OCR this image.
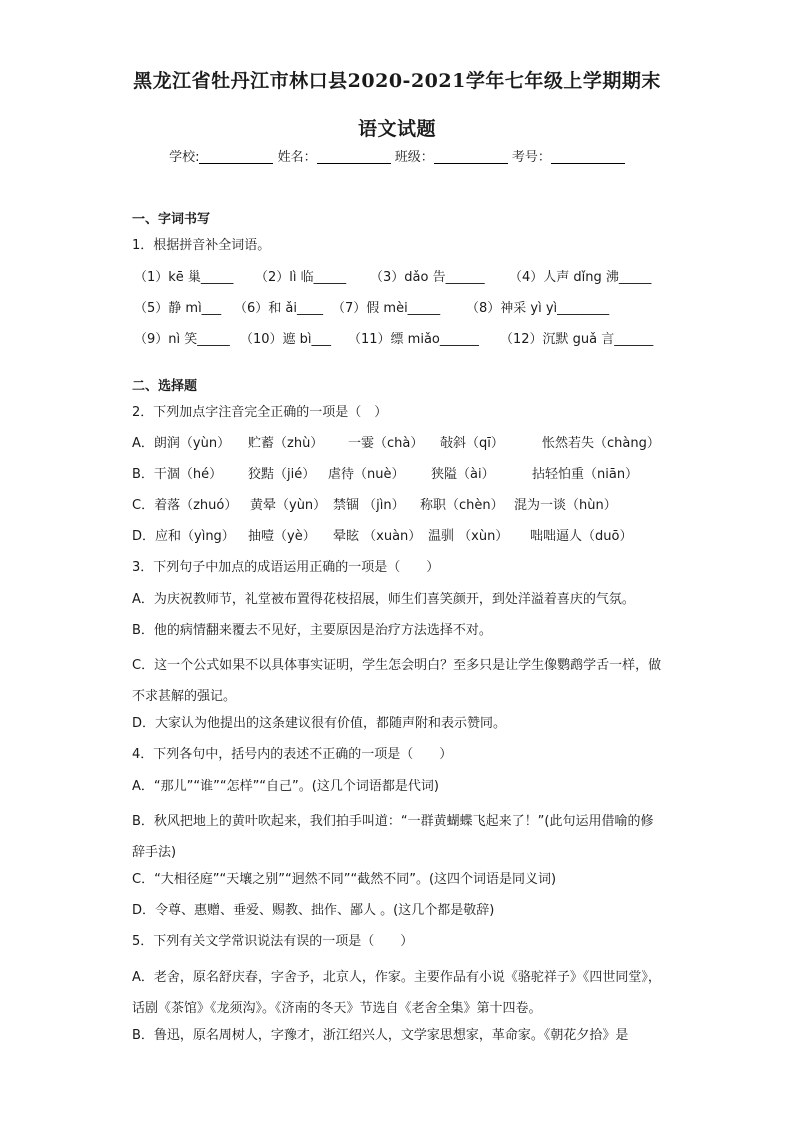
黑龙江省牡丹江市林口县2020-2021学年七年级上学期期末
语文试题
学校:	姓名：	班级：	考号：
一、字词书写
1．根据拼音补全词语。
（1）kē 巢_____ （2）lì 临_____ （3）dǎo 告______ （4）人声 dǐng 沸_____
（5）静 mì___ （6）和 ǎi____ （7）假 mèi_____ （8）神采 yì yì________
（9）nì 笑_____ （10）遮 bì___ （11）缥 miǎo______ （12）沉默 guǎ 言______
二、选择题
2．下列加点字注音完全正确的一项是（　）
A．朗润（yùn） 贮蓄（zhù） 一霎（chà） 敧斜（qī）	怅然若失（chàng）
B．干涸（hé） 狡黠（jié） 虐待（nuè） 狭隘（ài）	拈轻怕重（niān）
C．着落（zhuó） 黄晕（yùn） 禁锢 （jìn） 称职（chèn） 混为一谈（hùn）
D．应和（yìng） 抽噎（yè） 晕眩 （xuàn） 温驯 （xùn） 咄咄逼人（duō）
3．下列句子中加点的成语运用正确的一项是（　　）
A．为庆祝教师节，礼堂被布置得花枝招展，师生们喜笑颜开，到处洋溢着喜庆的气氛。
B．他的病情翻来覆去不见好，主要原因是治疗方法选择不对。
C．这一个公式如果不以具体事实证明，学生怎会明白？至多只是让学生像鹦鹉学舌一样，做不求甚解的强记。
D．大家认为他提出的这条建议很有价值，都随声附和表示赞同。
4．下列各句中，括号内的表述不正确的一项是（　　）
A．“那儿”“谁”“怎样”“自己”。(这几个词语都是代词)
B．秋风把地上的黄叶吹起来，我们拍手叫道：“一群黄蝴蝶飞起来了！”(此句运用借喻的修辞手法)
C．“大相径庭”“天壤之别”“迥然不同”“截然不同”。(这四个词语是同义词)
D．令尊、惠赠、垂爱、赐教、拙作、鄙人 。(这几个都是敬辞)
5．下列有关文学常识说法有误的一项是（　　）
A．老舍，原名舒庆春，字舍予，北京人，作家。主要作品有小说《骆驼祥子》《四世同堂》，话剧《茶馆》《龙须沟》。《济南的冬天》节选自《老舍全集》第十四卷。
B．鲁迅，原名周树人，字豫才，浙江绍兴人，文学家思想家，革命家。《朝花夕拾》是
